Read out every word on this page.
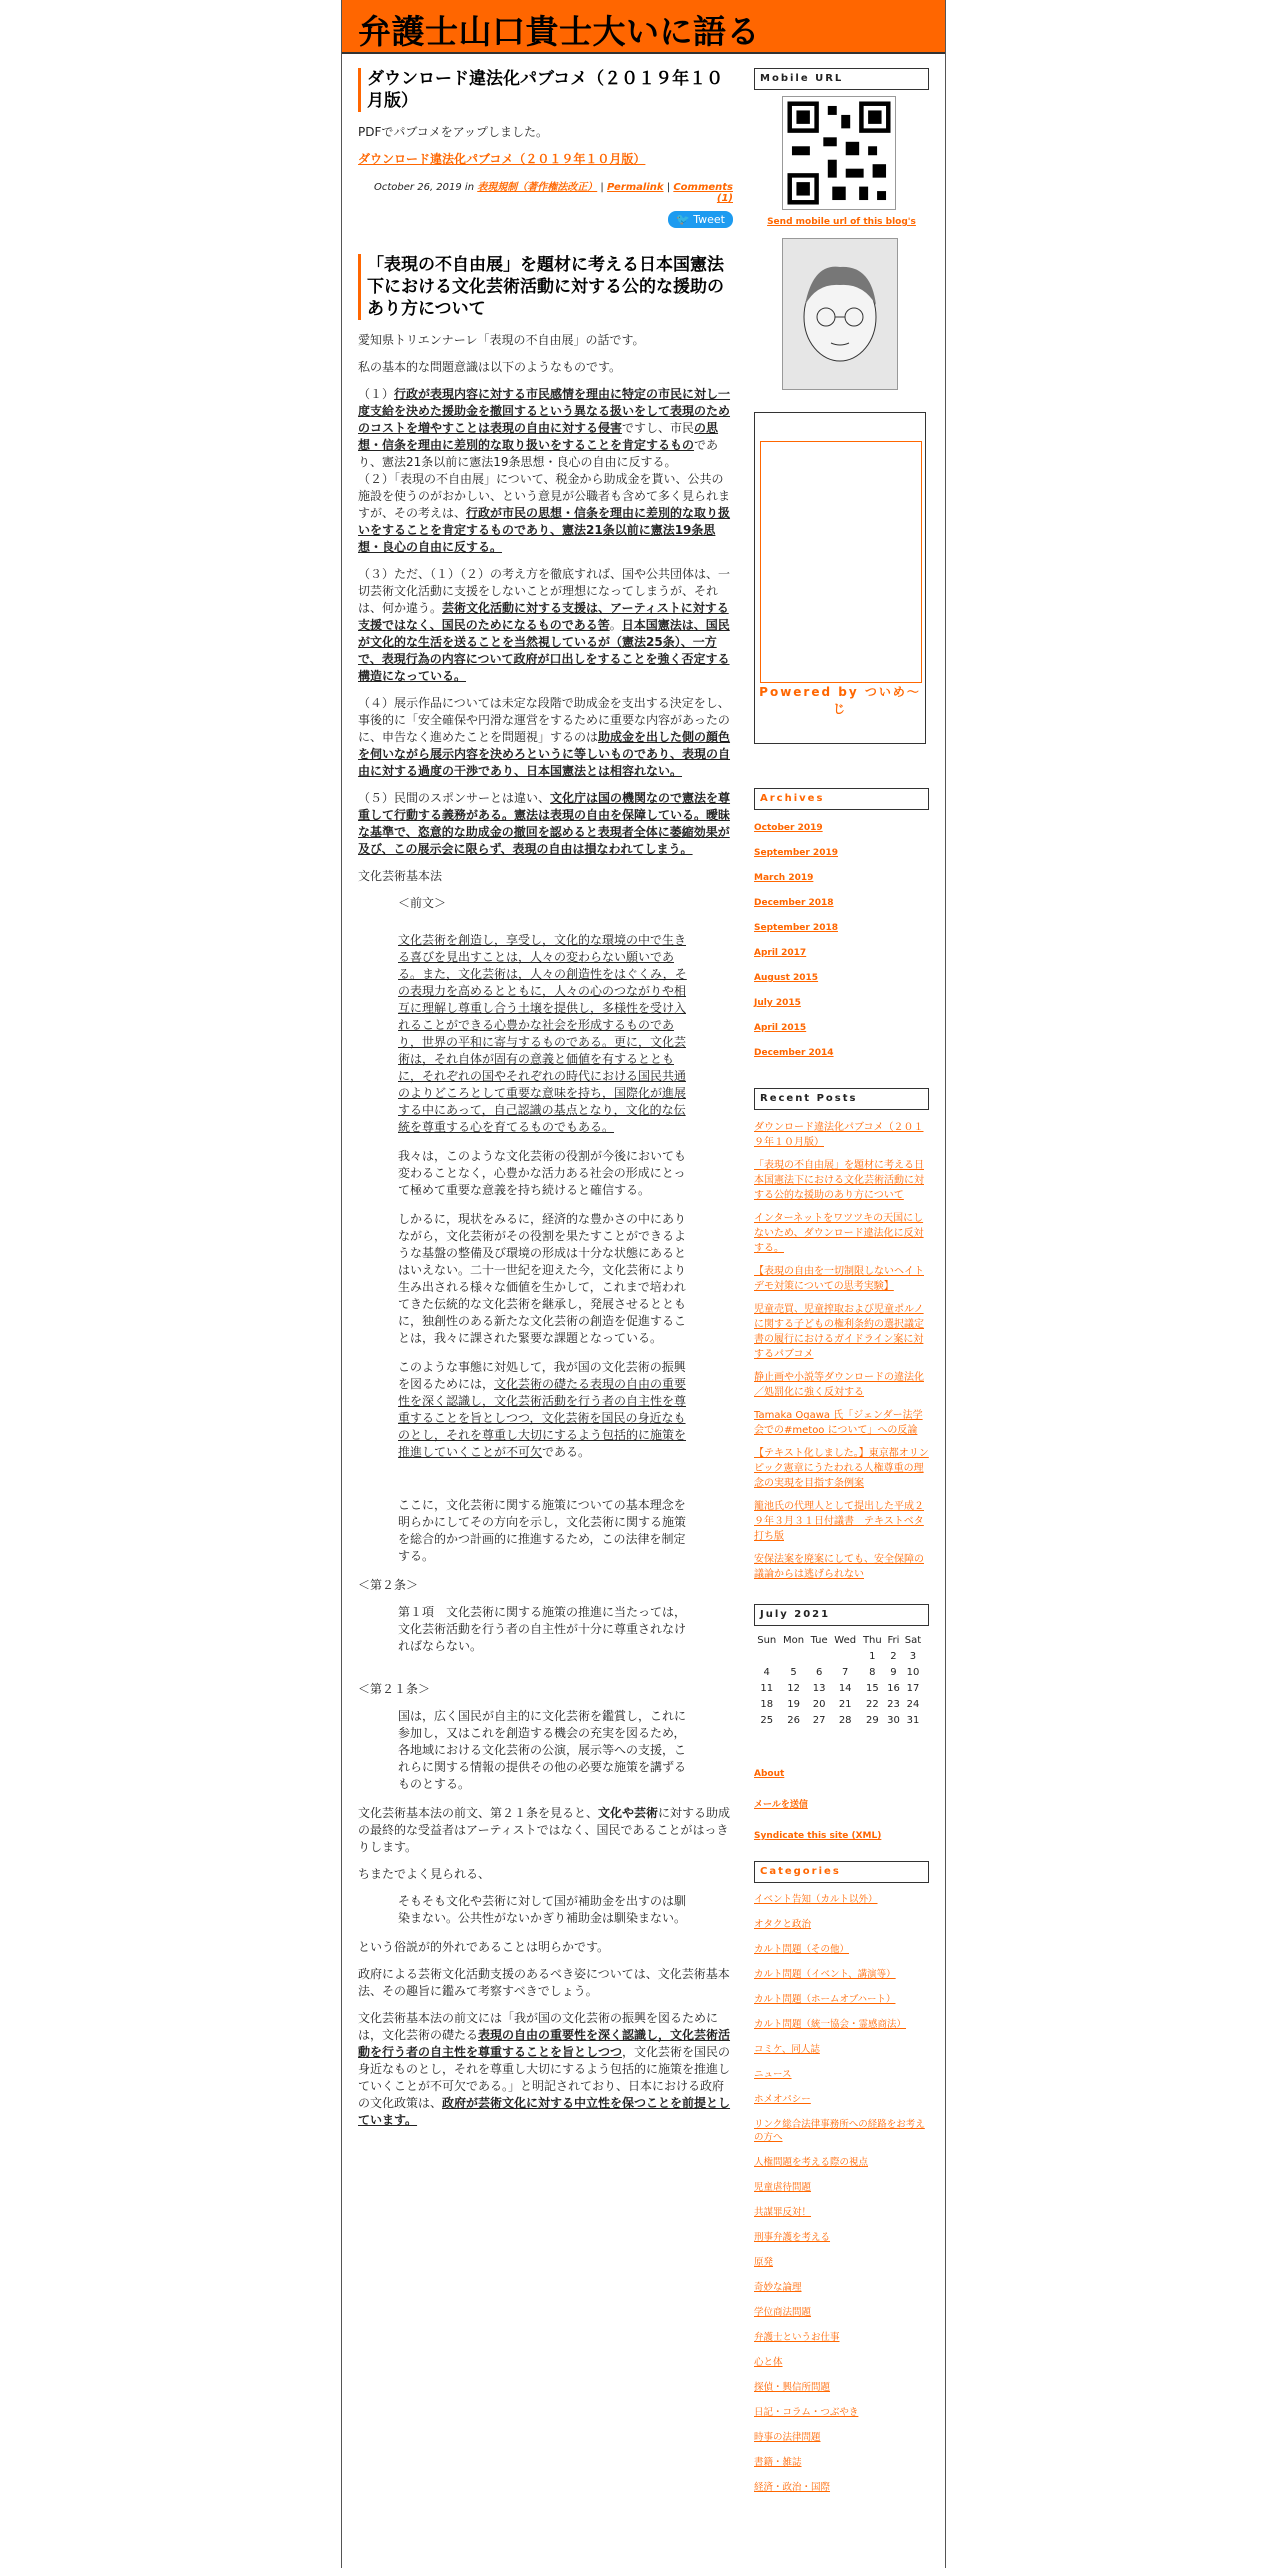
弁護士山口貴士大いに語る
ダウンロード違法化パブコメ（２０１９年１０月版）

PDFでパブコメをアップしました。

ダウンロード違法化パブコメ（２０１９年１０月版）

October 26, 2019 in 表現規制（著作権法改正） | Permalink | Comments (1)

🐦 Tweet
「表現の不自由展」を題材に考える日本国憲法下における文化芸術活動に対する公的な援助のあり方について

愛知県トリエンナーレ「表現の不自由展」の話です。

私の基本的な問題意識は以下のようなものです。

（１）行政が表現内容に対する市民感情を理由に特定の市民に対し一度支給を決めた援助金を撤回するという異なる扱いをして表現のためのコストを増やすことは表現の自由に対する侵害ですし、市民の思想・信条を理由に差別的な取り扱いをすることを肯定するものであり、憲法21条以前に憲法19条思想・良心の自由に反する。

（２）「表現の不自由展」について、税金から助成金を貰い、公共の施設を使うのがおかしい、という意見が公職者も含めて多く見られますが、その考えは、行政が市民の思想・信条を理由に差別的な取り扱いをすることを肯定するものであり、憲法21条以前に憲法19条思想・良心の自由に反する。

（３）ただ、（１）（２）の考え方を徹底すれば、国や公共団体は、一切芸術文化活動に支援をしないことが理想になってしまうが、それは、何か違う。芸術文化活動に対する支援は、アーティストに対する支援ではなく、国民のためになるものである筈。日本国憲法は、国民が文化的な生活を送ることを当然視しているが（憲法25条）、一方で、表現行為の内容について政府が口出しをすることを強く否定する構造になっている。

（４）展示作品については未定な段階で助成金を支出する決定をし、事後的に「安全確保や円滑な運営をするために重要な内容があったのに、申告なく進めたことを問題視」するのは助成金を出した側の顔色を伺いながら展示内容を決めろというに等しいものであり、表現の自由に対する過度の干渉であり、日本国憲法とは相容れない。

（５）民間のスポンサーとは違い、文化庁は国の機関なので憲法を尊重して行動する義務がある。憲法は表現の自由を保障している。曖昧な基準で、恣意的な助成金の撤回を認めると表現者全体に萎縮効果が及び、この展示会に限らず、表現の自由は損なわれてしまう。

文化芸術基本法

＜前文＞

文化芸術を創造し，享受し，文化的な環境の中で生きる喜びを見出すことは，人々の変わらない願いである。また，文化芸術は，人々の創造性をはぐくみ，その表現力を高めるとともに，人々の心のつながりや相互に理解し尊重し合う土壌を提供し，多様性を受け入れることができる心豊かな社会を形成するものであり，世界の平和に寄与するものである。更に，文化芸術は，それ自体が固有の意義と価値を有するとともに，それぞれの国やそれぞれの時代における国民共通のよりどころとして重要な意味を持ち，国際化が進展する中にあって，自己認識の基点となり，文化的な伝統を尊重する心を育てるものでもある。

我々は，このような文化芸術の役割が今後においても変わることなく，心豊かな活力ある社会の形成にとって極めて重要な意義を持ち続けると確信する。

しかるに，現状をみるに，経済的な豊かさの中にありながら，文化芸術がその役割を果たすことができるような基盤の整備及び環境の形成は十分な状態にあるとはいえない。二十一世紀を迎えた今，文化芸術により生み出される様々な価値を生かして，これまで培われてきた伝統的な文化芸術を継承し，発展させるとともに，独創性のある新たな文化芸術の創造を促進することは，我々に課された緊要な課題となっている。

このような事態に対処して，我が国の文化芸術の振興を図るためには，文化芸術の礎たる表現の自由の重要性を深く認識し，文化芸術活動を行う者の自主性を尊重することを旨としつつ，文化芸術を国民の身近なものとし，それを尊重し大切にするよう包括的に施策を推進していくことが不可欠である。

ここに，文化芸術に関する施策についての基本理念を明らかにしてその方向を示し，文化芸術に関する施策を総合的かつ計画的に推進するため，この法律を制定する。

＜第２条＞

第１項　文化芸術に関する施策の推進に当たっては，文化芸術活動を行う者の自主性が十分に尊重されなければならない。

＜第２１条＞

国は，広く国民が自主的に文化芸術を鑑賞し，これに参加し，又はこれを創造する機会の充実を図るため，各地域における文化芸術の公演，展示等への支援，これらに関する情報の提供その他の必要な施策を講ずるものとする。

文化芸術基本法の前文、第２１条を見ると、文化や芸術に対する助成の最終的な受益者はアーティストではなく、国民であることがはっきりします。

ちまたでよく見られる、

そもそも文化や芸術に対して国が補助金を出すのは馴染まない。公共性がないかぎり補助金は馴染まない。

という俗説が的外れであることは明らかです。

政府による芸術文化活動支援のあるべき姿については、文化芸術基本法、その趣旨に鑑みて考察すべきでしょう。

文化芸術基本法の前文には「我が国の文化芸術の振興を図るためには，文化芸術の礎たる表現の自由の重要性を深く認識し，文化芸術活動を行う者の自主性を尊重することを旨としつつ，文化芸術を国民の身近なものとし，それを尊重し大切にするよう包括的に施策を推進していくことが不可欠である。」と明記されており、日本における政府の文化政策は、政府が芸術文化に対する中立性を保つことを前提としています。

Mobile URL
Send mobile url of this blog's
Powered by ついめ〜じ
Archives
October 2019
September 2019
March 2019
December 2018
September 2018
April 2017
August 2015
July 2015
April 2015
December 2014
Recent Posts
ダウンロード違法化パブコメ（２０１９年１０月版）
「表現の不自由展」を題材に考える日本国憲法下における文化芸術活動に対する公的な援助のあり方について
インターネットをワツツキの天国にしないため、ダウンロード違法化に反対する。
【表現の自由を一切制限しないヘイトデモ対策についての思考実験】
児童売買、児童搾取および児童ポルノに関する子どもの権利条約の選択議定書の履行におけるガイドライン案に対するパブコメ
静止画や小説等ダウンロードの違法化／処罰化に強く反対する
Tamaka Ogawa 氏「ジェンダー法学会での#metoo について」への反論
【テキスト化しました。】東京都オリンピック憲章にうたわれる人権尊重の理念の実現を目指す条例案
籠池氏の代理人として提出した平成２９年３月３１日付議書　テキストベタ打ち版
安保法案を廃案にしても、安全保障の議論からは逃げられない
July 2021
Sun	Mon	Tue	Wed	Thu	Fri	Sat
				1	2	3
4	5	6	7	8	9	10
11	12	13	14	15	16	17
18	19	20	21	22	23	24
25	26	27	28	29	30	31
About
メールを送信
Syndicate this site (XML)
Categories
イベント告知（カルト以外）
オタクと政治
カルト問題（その他）
カルト問題（イベント、講演等）
カルト問題（ホームオブハート）
カルト問題（統一協会・霊感商法）
コミケ、同人誌
ニュース
ホメオパシー
リンク総合法律事務所への経路をお考えの方へ
人権問題を考える際の視点
児童虐待問題
共謀罪反対！
刑事弁護を考える
原発
奇妙な論理
学位商法問題
弁護士というお仕事
心と体
探偵・興信所問題
日記・コラム・つぶやき
時事の法律問題
書籍・雑誌
経済・政治・国際
